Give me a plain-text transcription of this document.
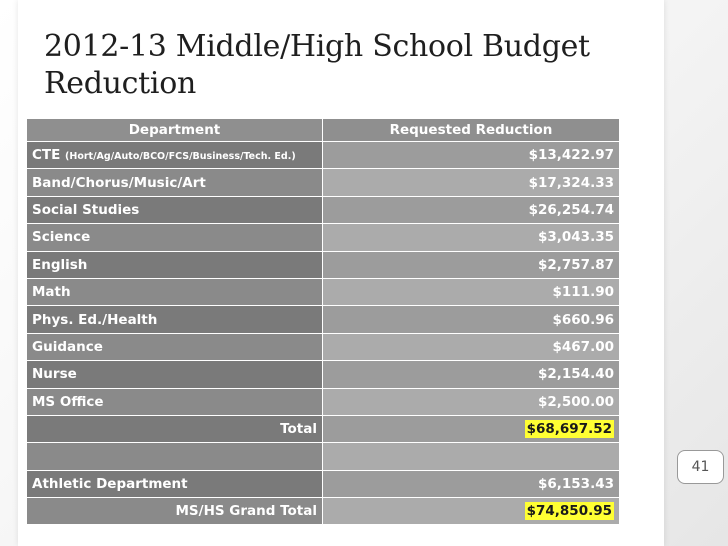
2012-13 Middle/High School Budget
Reduction
Department	Requested Reduction
CTE (Hort/Ag/Auto/BCO/FCS/Business/Tech. Ed.)	$13,422.97
Band/Chorus/Music/Art	$17,324.33
Social Studies	$26,254.74
Science	$3,043.35
English	$2,757.87
Math	$111.90
Phys. Ed./Health	$660.96
Guidance	$467.00
Nurse	$2,154.40
MS Office	$2,500.00
Total	$68,697.52

Athletic Department	$6,153.43
MS/HS Grand Total	$74,850.95
41
